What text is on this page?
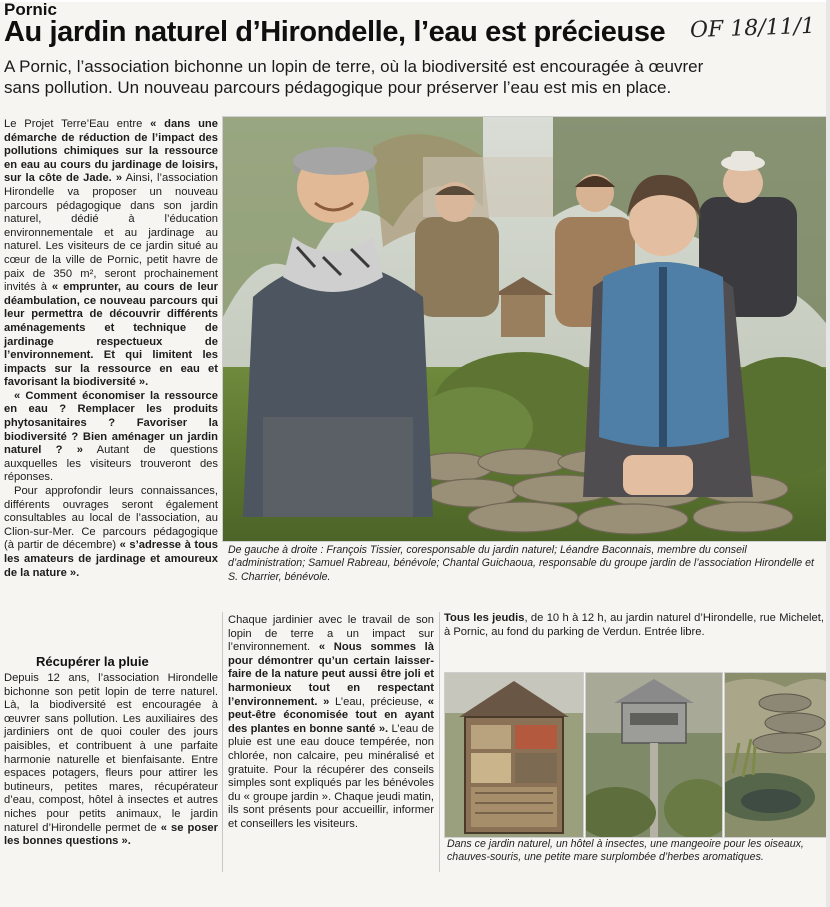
Pornic
OF 18/11/1
Au jardin naturel d’Hirondelle, l’eau est précieuse

A Pornic, l’association bichonne un lopin de terre, où la biodiversité est encouragée à œuvrer sans pollution. Un nouveau parcours pédagogique pour préserver l’eau est mis en place.

Le Projet Terre’Eau entre « dans une démarche de réduction de l’impact des pollutions chimiques sur la ressource en eau au cours du jardinage de loisirs, sur la côte de Jade. » Ainsi, l’association Hirondelle va proposer un nouveau parcours pédagogique dans son jardin naturel, dédié à l’éducation environnementale et au jardinage au naturel. Les visiteurs de ce jardin situé au cœur de la ville de Pornic, petit havre de paix de 350 m², seront prochainement invités à « emprunter, au cours de leur déambulation, ce nouveau parcours qui leur permettra de découvrir différents aménagements et technique de jardinage respectueux de l’environnement. Et qui limitent les impacts sur la ressource en eau et favorisant la biodiversité ».
« Comment économiser la ressource en eau ? Remplacer les produits phytosanitaires ? Favoriser la biodiversité ? Bien aménager un jardin naturel ? » Autant de questions auxquelles les visiteurs trouveront des réponses.
Pour approfondir leurs connaissances, différents ouvrages seront également consultables au local de l’association, au Clion-sur-Mer. Ce parcours pédagogique (à partir de décembre) « s’adresse à tous les amateurs de jardinage et amoureux de la nature ».
Récupérer la pluie
Depuis 12 ans, l’association Hirondelle bichonne son petit lopin de terre naturel. Là, la biodiversité est encouragée à œuvrer sans pollution. Les auxiliaires des jardiniers ont de quoi couler des jours paisibles, et contribuent à une parfaite harmonie naturelle et bienfaisante. Entre espaces potagers, fleurs pour attirer les butineurs, petites mares, récupérateur d’eau, compost, hôtel à insectes et autres niches pour petits animaux, le jardin naturel d’Hirondelle permet de « se poser les bonnes questions ».
De gauche à droite : François Tissier, coresponsable du jardin naturel; Léandre Baconnais, membre du conseil d’administration; Samuel Rabreau, bénévole; Chantal Guichaoua, responsable du groupe jardin de l’association Hirondelle et S. Charrier, bénévole.
Chaque jardinier avec le travail de son lopin de terre a un impact sur l’environnement. « Nous sommes là pour démontrer qu’un certain laisser-faire de la nature peut aussi être joli et harmonieux tout en respectant l’environnement. » L’eau, précieuse, « peut-être économisée tout en ayant des plantes en bonne santé ». L’eau de pluie est une eau douce tempérée, non chlorée, non calcaire, peu minéralisé et gratuite. Pour la récupérer des conseils simples sont expliqués par les bénévoles du « groupe jardin ». Chaque jeudi matin, ils sont présents pour accueillir, informer et conseillers les visiteurs.
Tous les jeudis, de 10 h à 12 h, au jardin naturel d’Hirondelle, rue Michelet, à Pornic, au fond du parking de Verdun. Entrée libre.
Dans ce jardin naturel, un hôtel à insectes, une mangeoire pour les oiseaux, chauves-souris, une petite mare surplombée d’herbes aromatiques.
